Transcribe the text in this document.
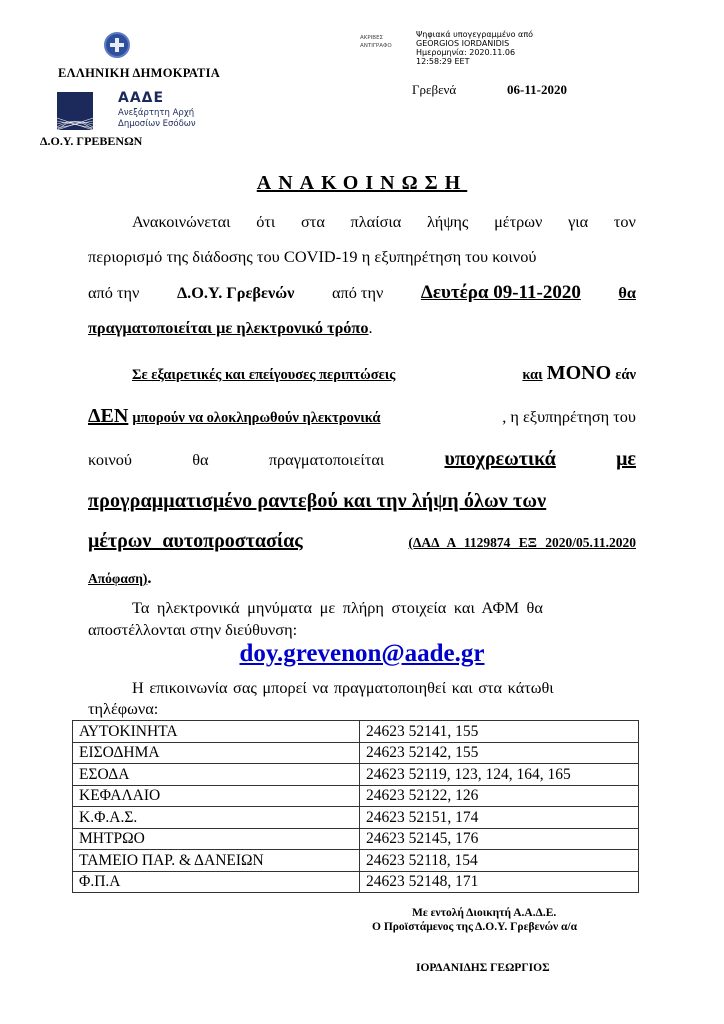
ΕΛΛΗΝΙΚΗ ΔΗΜΟΚΡΑΤΙΑ
ΑΑΔΕ
Ανεξάρτητη Αρχή
Δημοσίων Εσόδων
Δ.Ο.Υ. ΓΡΕΒΕΝΩΝ
ΑΚΡΙΒΕΣ
ΑΝΤΙΓΡΑΦΟ
Ψηφιακά υπογεγραμμένο από
GEORGIOS IORDANIDIS
Ημερομηνία: 2020.11.06
12:58:29 EET
Γρεβενά	06-11-2020
ΑΝΑΚΟΙΝΩΣΗ
Ανακοινώνεται ότι στα πλαίσια λήψης μέτρων για τον
περιορισμό της διάδοσης του COVID-19 η εξυπηρέτηση του κοινού
από την Δ.Ο.Υ. Γρεβενών από την Δευτέρα 09-11-2020 θα
πραγματοποιείται με ηλεκτρονικό τρόπο.
Σε εξαιρετικές και επείγουσες περιπτώσεις	και ΜΟΝΟ εάν
ΔΕΝ μπορούν να ολοκληρωθούν ηλεκτρονικά	, η εξυπηρέτηση του
κοινού	θα	πραγματοποιείται	υποχρεωτικά	με
προγραμματισμένο ραντεβού και την λήψη όλων των
μέτρων αυτοπροστασίας	(ΔΑΔ Α 1129874 ΕΞ 2020/05.11.2020
Απόφαση).
Τα ηλεκτρονικά μηνύματα με πλήρη στοιχεία και ΑΦΜ θα
αποστέλλονται στην διεύθυνση:
doy.grevenon@aade.gr
Η επικοινωνία σας μπορεί να πραγματοποιηθεί και στα κάτωθι
τηλέφωνα:
ΑΥΤΟΚΙΝΗΤΑ	24623 52141, 155
ΕΙΣΟΔΗΜΑ	24623 52142, 155
ΕΣΟΔΑ	24623 52119, 123, 124, 164, 165
ΚΕΦΑΛΑΙΟ	24623 52122, 126
Κ.Φ.Α.Σ.	24623 52151, 174
ΜΗΤΡΩΟ	24623 52145, 176
ΤΑΜΕΙΟ ΠΑΡ. & ΔΑΝΕΙΩΝ	24623 52118, 154
Φ.Π.Α	24623 52148, 171
Με εντολή Διοικητή Α.Α.Δ.Ε.
Ο Προϊστάμενος της Δ.Ο.Υ. Γρεβενών α/α
ΙΟΡΔΑΝΙΔΗΣ ΓΕΩΡΓΙΟΣ
